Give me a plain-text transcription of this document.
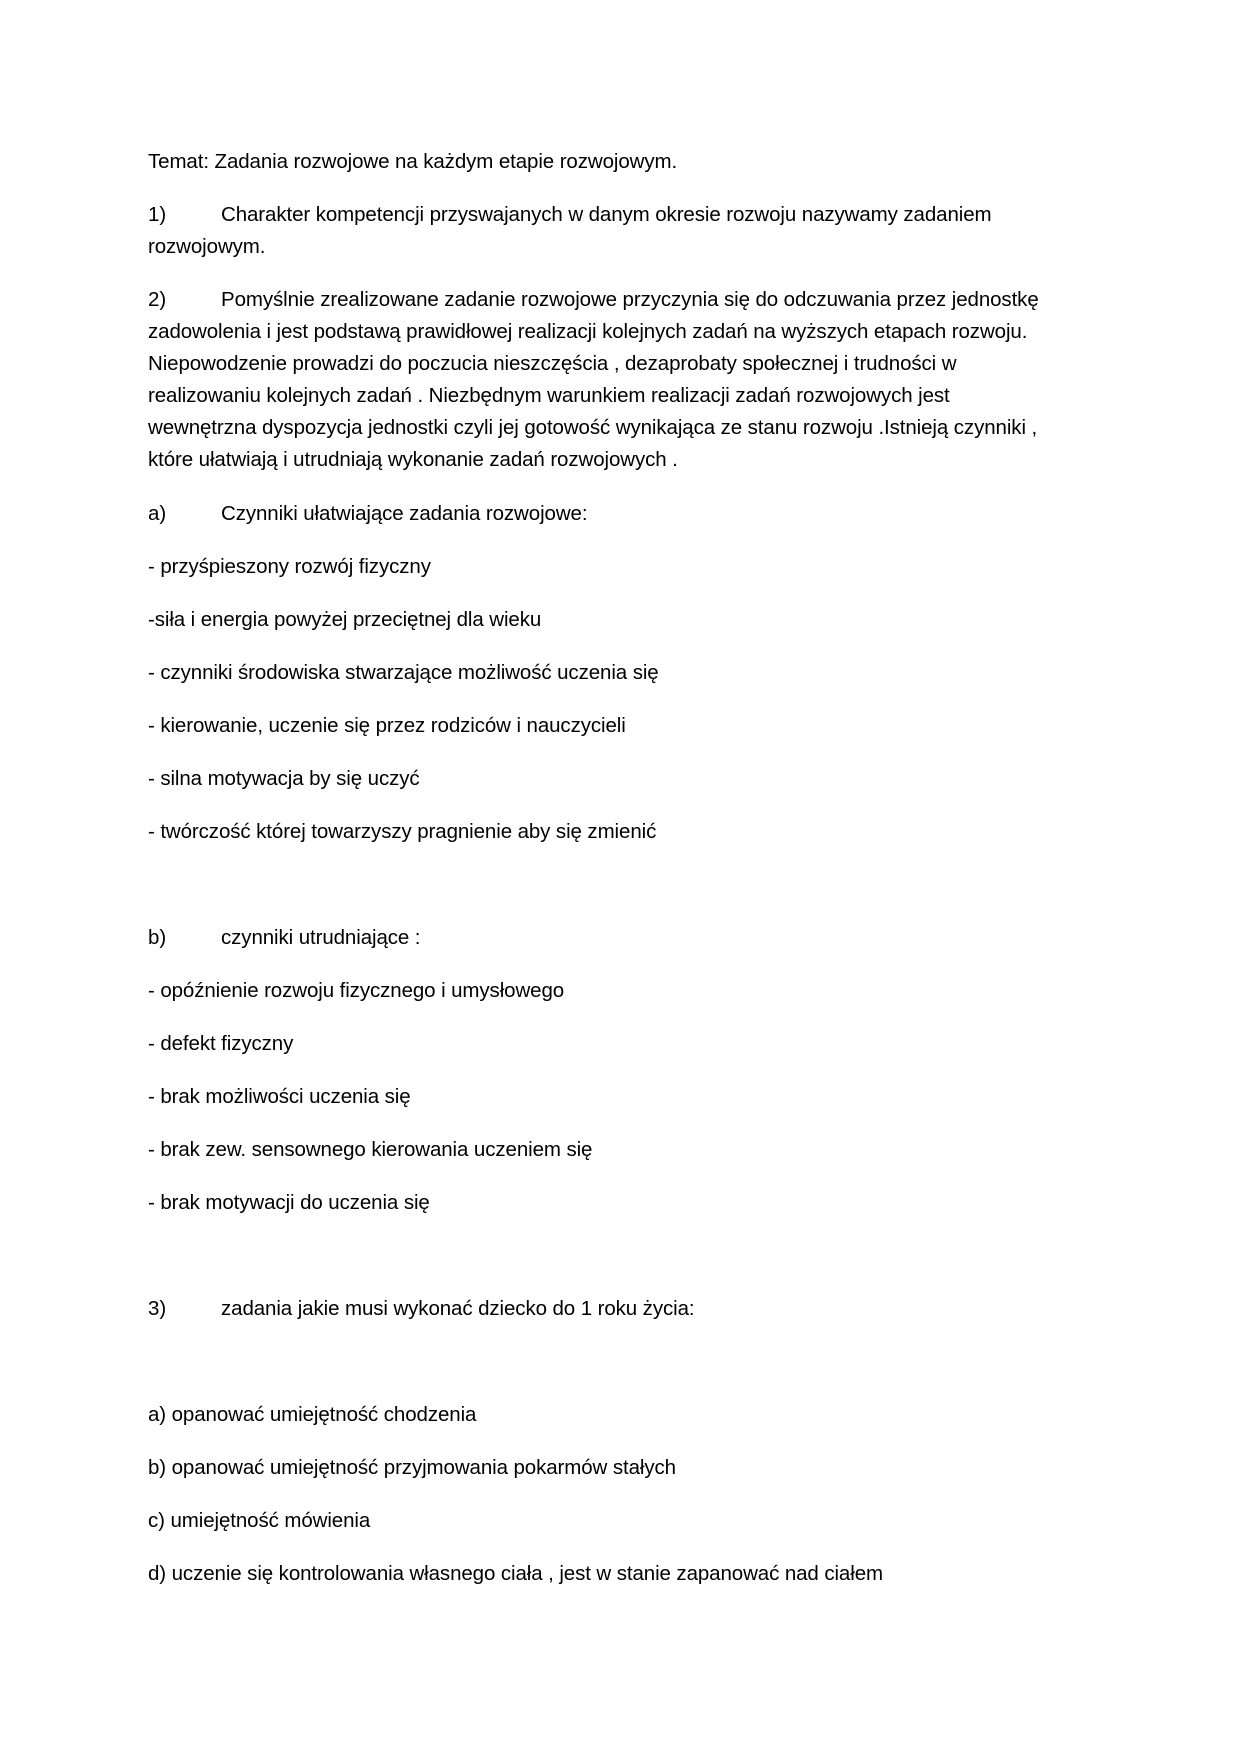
Temat: Zadania rozwojowe na każdym etapie rozwojowym.
1)	Charakter kompetencji przyswajanych w danym okresie rozwoju nazywamy zadaniem
rozwojowym.
2)	Pomyślnie zrealizowane zadanie rozwojowe przyczynia się do odczuwania przez jednostkę
zadowolenia i jest podstawą prawidłowej realizacji kolejnych zadań na wyższych etapach rozwoju.
Niepowodzenie prowadzi do poczucia nieszczęścia , dezaprobaty społecznej i trudności w
realizowaniu kolejnych zadań . Niezbędnym warunkiem realizacji zadań rozwojowych jest
wewnętrzna dyspozycja jednostki czyli jej gotowość wynikająca ze stanu rozwoju .Istnieją czynniki ,
które ułatwiają i utrudniają wykonanie zadań rozwojowych .
a)	Czynniki ułatwiające zadania rozwojowe:
- przyśpieszony rozwój fizyczny
-siła i energia powyżej przeciętnej dla wieku
- czynniki środowiska stwarzające możliwość uczenia się
- kierowanie, uczenie się przez rodziców i nauczycieli
- silna motywacja by się uczyć
- twórczość której towarzyszy pragnienie aby się zmienić
b)	czynniki utrudniające :
- opóźnienie rozwoju fizycznego i umysłowego
- defekt fizyczny
- brak możliwości uczenia się
- brak zew. sensownego kierowania uczeniem się
- brak motywacji do uczenia się
3)	zadania jakie musi wykonać dziecko do 1 roku życia:
a) opanować umiejętność chodzenia
b) opanować umiejętność przyjmowania pokarmów stałych
c) umiejętność mówienia
d) uczenie się kontrolowania własnego ciała , jest w stanie zapanować nad ciałem
